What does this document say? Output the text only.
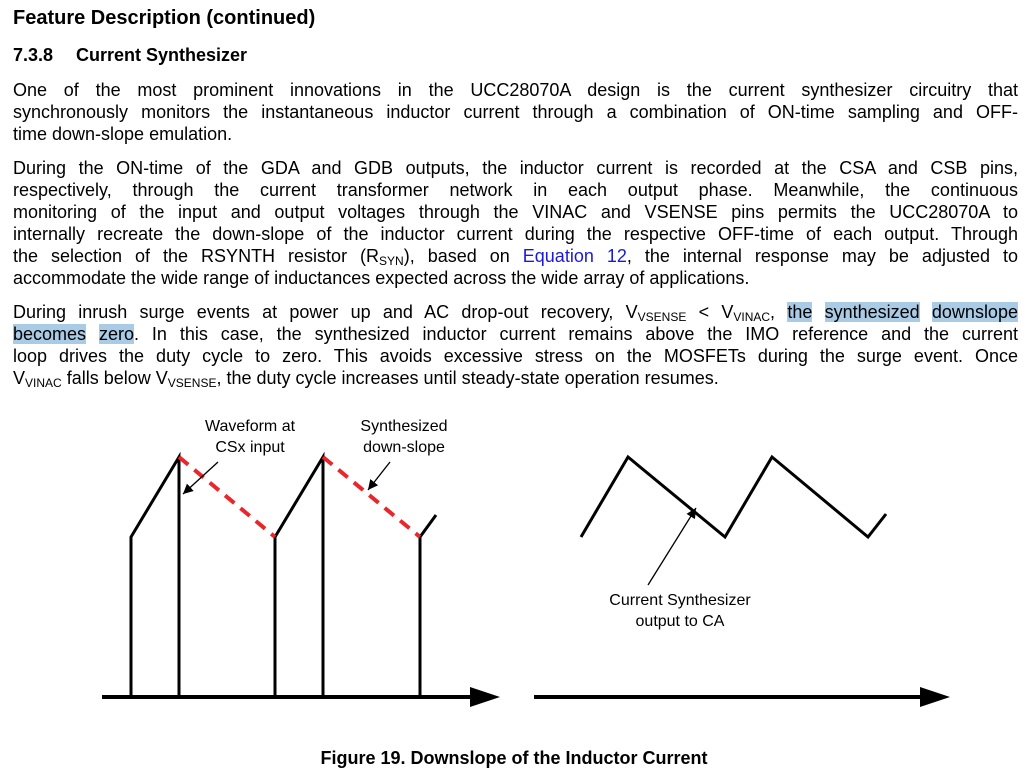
Feature Description (continued)
7.3.8 Current Synthesizer
One of the most prominent innovations in the UCC28070A design is the current synthesizer circuitry that
synchronously monitors the instantaneous inductor current through a combination of ON-time sampling and OFF-
time down-slope emulation.
During the ON-time of the GDA and GDB outputs, the inductor current is recorded at the CSA and CSB pins,
respectively, through the current transformer network in each output phase. Meanwhile, the continuous
monitoring of the input and output voltages through the VINAC and VSENSE pins permits the UCC28070A to
internally recreate the down-slope of the inductor current during the respective OFF-time of each output. Through
the selection of the RSYNTH resistor $(R_{SYN})$, based on Equation 12, the internal response may be adjusted to
accommodate the wide range of inductances expected across the wide array of applications.
During inrush surge events at power up and AC drop-out recovery, $V_{VSENSE} < V_{VINAC}$, the synthesized downslope
becomes zero. In this case, the synthesized inductor current remains above the IMO reference and the current
loop drives the duty cycle to zero. This avoids excessive stress on the MOSFETs during the surge event. Once
$V_{VINAC}$ falls below $V_{VSENSE}$, the duty cycle increases until steady-state operation resumes.
Waveform at
CSx input
Synthesized
down-slope
Current Synthesizer
output to CA
Figure 19. Downslope of the Inductor Current
